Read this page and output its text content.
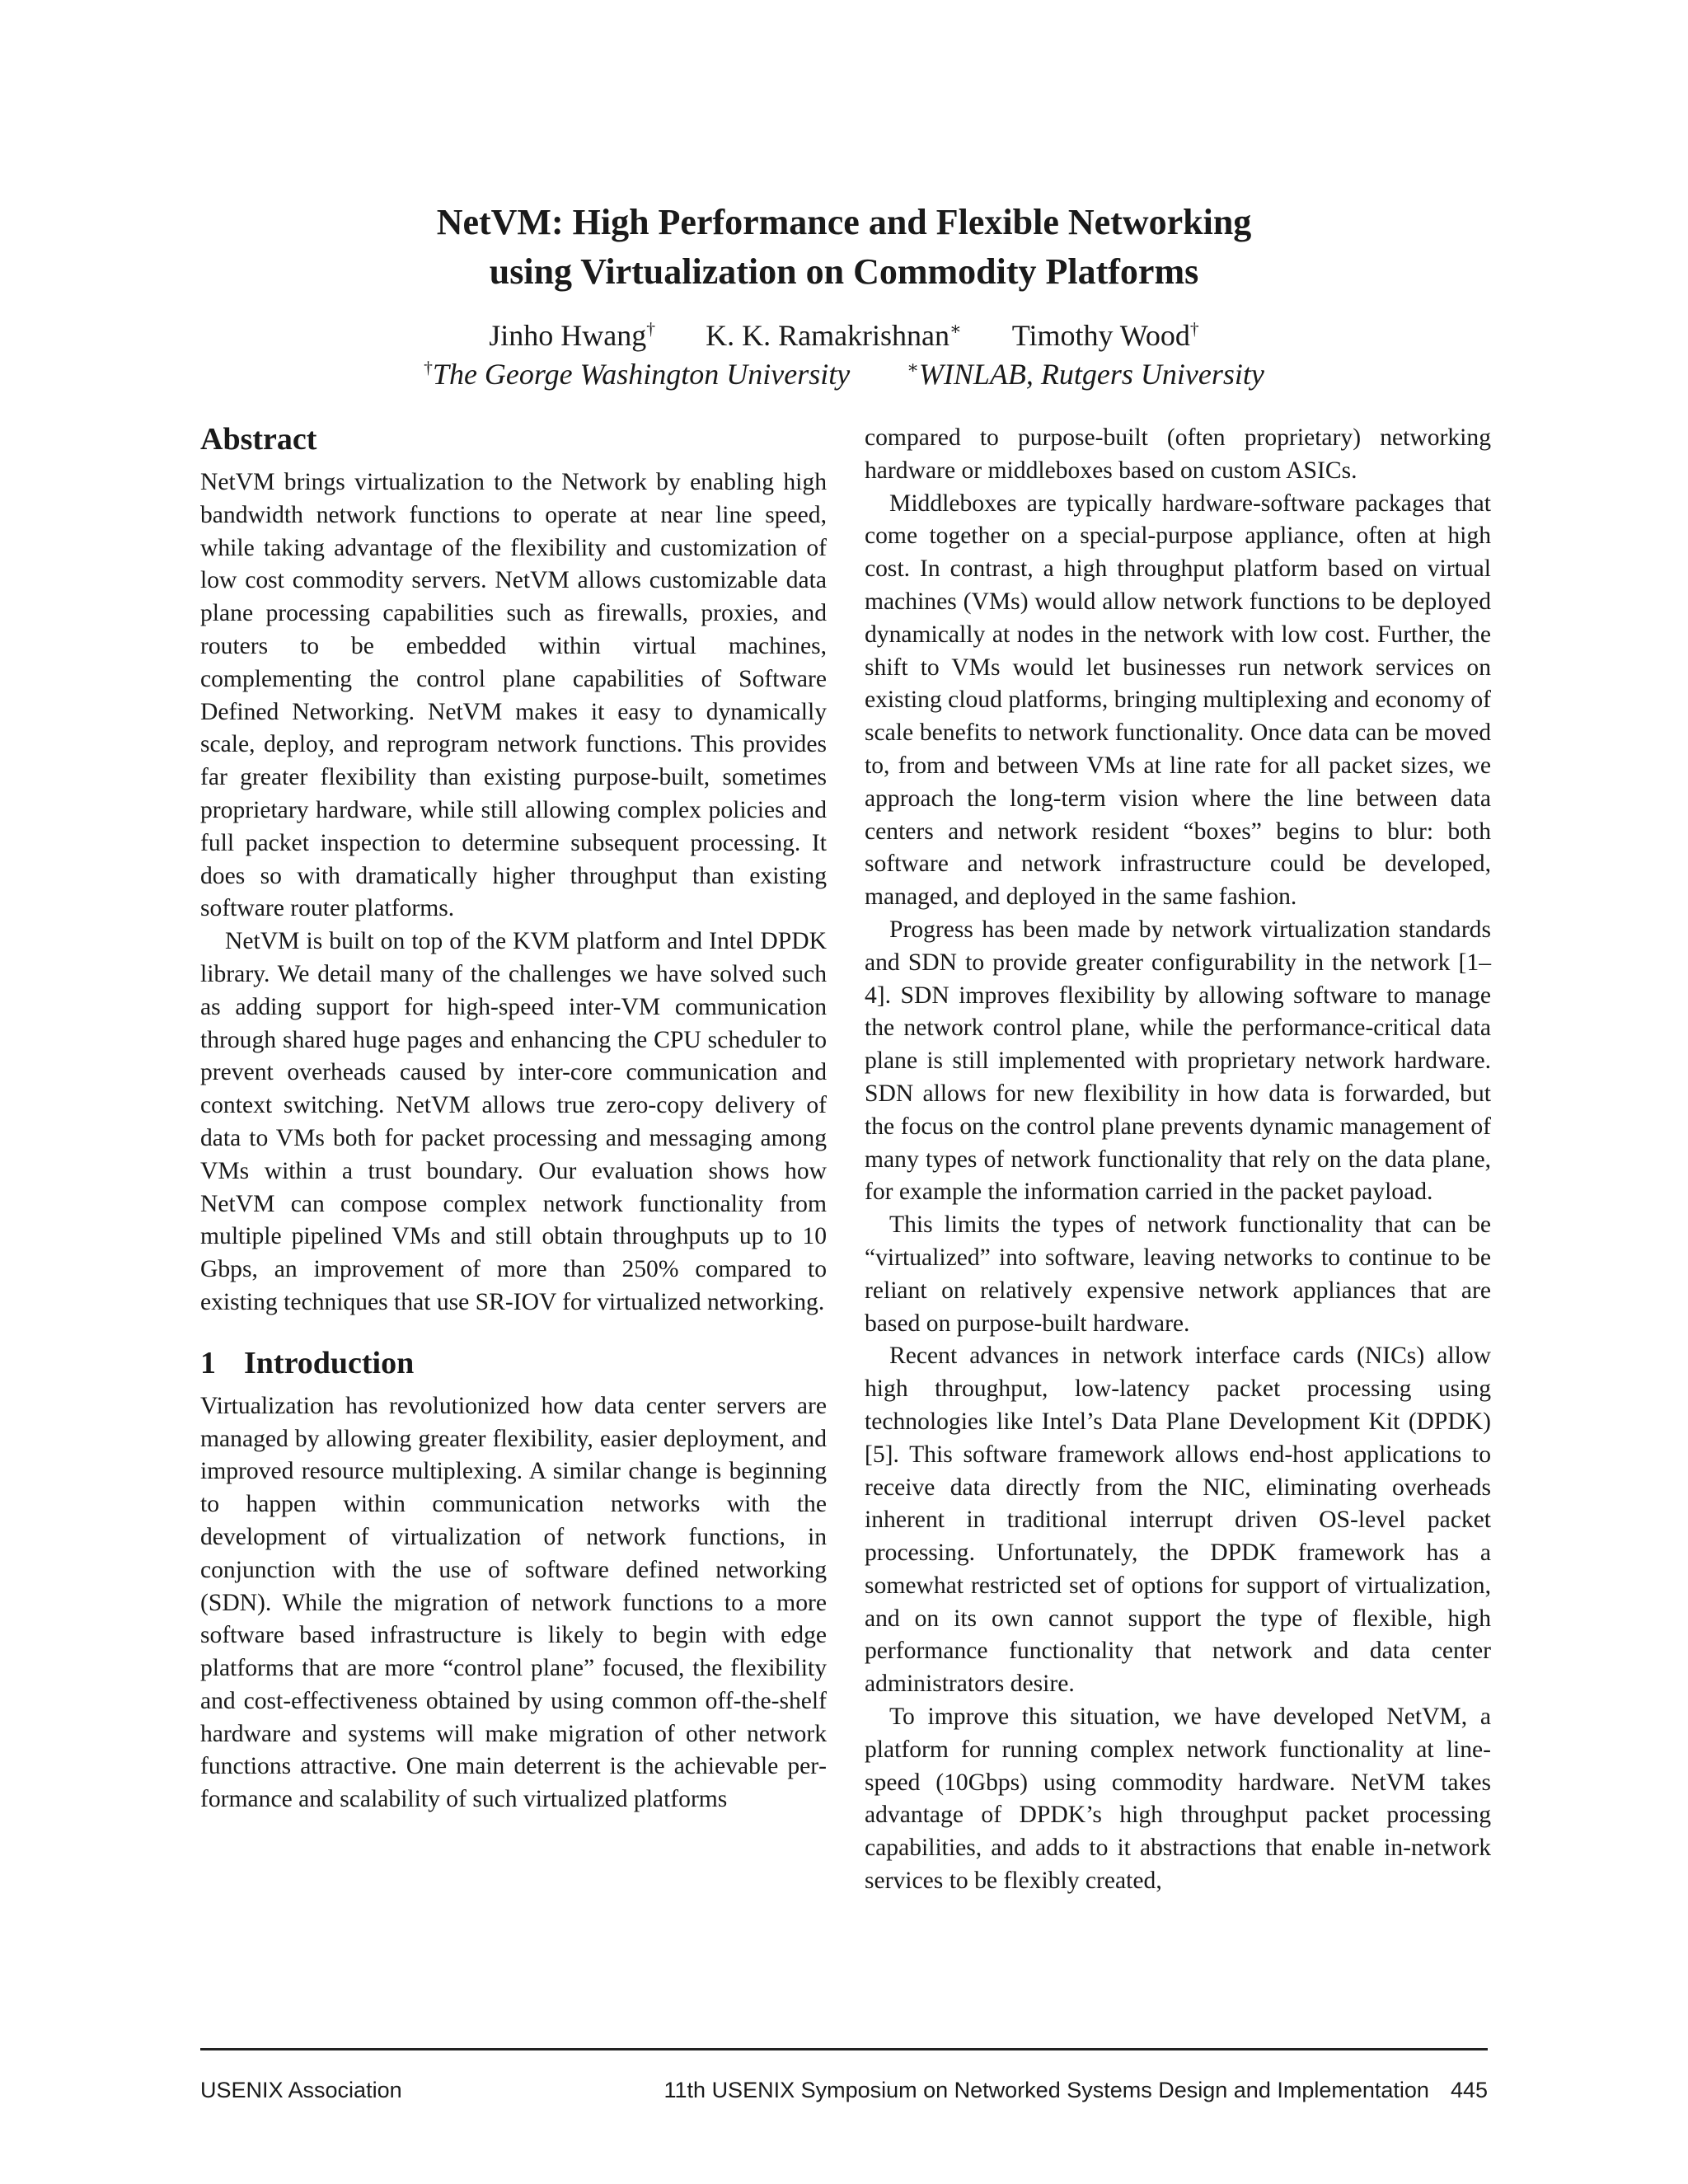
NetVM: High Performance and Flexible Networking
using Virtualization on Commodity Platforms
Jinho Hwang† K. K. Ramakrishnan∗ Timothy Wood†
†The George Washington University	∗WINLAB, Rutgers University
Abstract

NetVM brings virtualization to the Network by enabling high bandwidth network functions to operate at near line speed, while taking advantage of the flexibility and customization of low cost commodity servers. NetVM allows customizable data plane processing capabilities such as firewalls, proxies, and routers to be embedded within virtual machines, complementing the control plane capabilities of Software Defined Networking. NetVM makes it easy to dynamically scale, deploy, and reprogram network functions. This provides far greater flexibility than existing purpose-built, sometimes proprietary hardware, while still allowing complex policies and full packet inspection to determine subsequent processing. It does so with dramatically higher throughput than existing software router platforms.

NetVM is built on top of the KVM platform and Intel DPDK library. We detail many of the challenges we have solved such as adding support for high-speed inter-VM communication through shared huge pages and enhancing the CPU scheduler to prevent overheads caused by inter-core communication and context switching. NetVM allows true zero-copy delivery of data to VMs both for packet processing and messaging among VMs within a trust boundary. Our evaluation shows how NetVM can compose complex network functionality from multiple pipelined VMs and still obtain throughputs up to 10 Gbps, an improvement of more than 250% compared to existing techniques that use SR-IOV for virtualized networking.

1 Introduction

Virtualization has revolutionized how data center servers are managed by allowing greater flexibility, easier deployment, and improved resource multiplexing. A similar change is beginning to happen within communication networks with the development of virtualization of network functions, in conjunction with the use of software defined networking (SDN). While the migration of network functions to a more software based infrastructure is likely to begin with edge platforms that are more “control plane” focused, the flexibility and cost-effectiveness obtained by using common off-the-shelf hardware and systems will make migration of other network functions attractive. One main deterrent is the achievable performance and scalability of such virtualized platforms

compared to purpose-built (often proprietary) networking hardware or middleboxes based on custom ASICs.

Middleboxes are typically hardware-software packages that come together on a special-purpose appliance, often at high cost. In contrast, a high throughput platform based on virtual machines (VMs) would allow network functions to be deployed dynamically at nodes in the network with low cost. Further, the shift to VMs would let businesses run network services on existing cloud platforms, bringing multiplexing and economy of scale benefits to network functionality. Once data can be moved to, from and between VMs at line rate for all packet sizes, we approach the long-term vision where the line between data centers and network resident “boxes” begins to blur: both software and network infrastructure could be developed, managed, and deployed in the same fashion.

Progress has been made by network virtualization standards and SDN to provide greater configurability in the network [1–4]. SDN improves flexibility by allowing software to manage the network control plane, while the performance-critical data plane is still implemented with proprietary network hardware. SDN allows for new flexibility in how data is forwarded, but the focus on the control plane prevents dynamic management of many types of network functionality that rely on the data plane, for example the information carried in the packet payload.

This limits the types of network functionality that can be “virtualized” into software, leaving networks to continue to be reliant on relatively expensive network appliances that are based on purpose-built hardware.

Recent advances in network interface cards (NICs) allow high throughput, low-latency packet processing using technologies like Intel’s Data Plane Development Kit (DPDK) [5]. This software framework allows end-host applications to receive data directly from the NIC, eliminating overheads inherent in traditional interrupt driven OS-level packet processing. Unfortunately, the DPDK framework has a somewhat restricted set of options for support of virtualization, and on its own cannot support the type of flexible, high performance functionality that network and data center administrators desire.

To improve this situation, we have developed NetVM, a platform for running complex network functionality at line-speed (10Gbps) using commodity hardware. NetVM takes advantage of DPDK’s high throughput packet processing capabilities, and adds to it abstractions that enable in-network services to be flexibly created,

USENIX Association	11th USENIX Symposium on Networked Systems Design and Implementation 445
